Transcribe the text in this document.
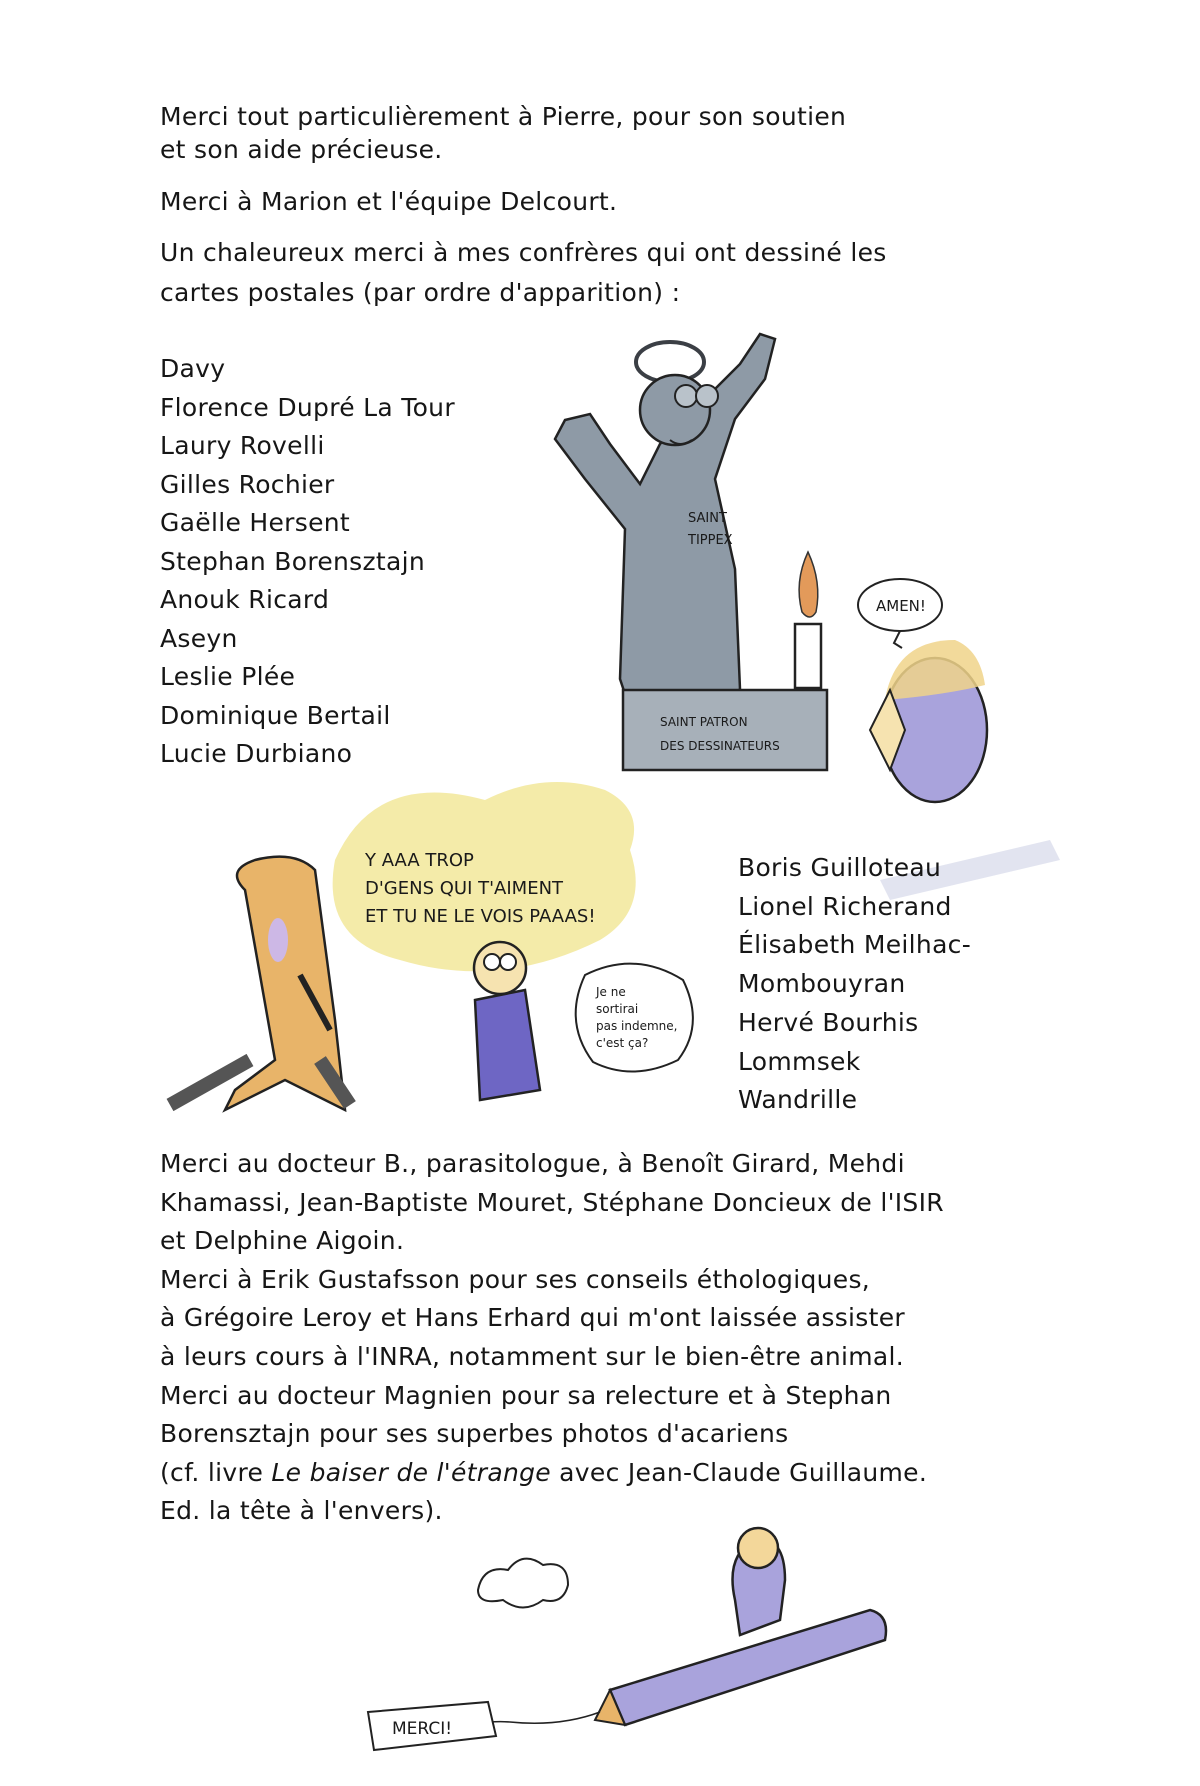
SAINT
TIPPEX
SAINT PATRON
DES DESSINATEURS
AMEN!
Y AAA TROP
D'GENS QUI T'AIMENT
ET TU NE LE VOIS PAAAS!
Je ne
sortirai
pas indemne,
c'est ça?
MERCI!
Merci tout particulièrement à Pierre, pour son soutien
et son aide précieuse.
Merci à Marion et l'équipe Delcourt.
Un chaleureux merci à mes confrères qui ont dessiné les
cartes postales (par ordre d'apparition) :
Davy
Florence Dupré La Tour
Laury Rovelli
Gilles Rochier
Gaëlle Hersent
Stephan Borensztajn
Anouk Ricard
Aseyn
Leslie Plée
Dominique Bertail
Lucie Durbiano
Boris Guilloteau
Lionel Richerand
Élisabeth Meilhac-
Mombouyran
Hervé Bourhis
Lommsek
Wandrille
Merci au docteur B., parasitologue, à Benoît Girard, Mehdi
Khamassi, Jean-Baptiste Mouret, Stéphane Doncieux de l'ISIR
et Delphine Aigoin.
Merci à Erik Gustafsson pour ses conseils éthologiques,
à Grégoire Leroy et Hans Erhard qui m'ont laissée assister
à leurs cours à l'INRA, notamment sur le bien-être animal.
Merci au docteur Magnien pour sa relecture et à Stephan
Borensztajn pour ses superbes photos d'acariens
(cf. livre Le baiser de l'étrange avec Jean-Claude Guillaume.
Ed. la tête à l'envers).
